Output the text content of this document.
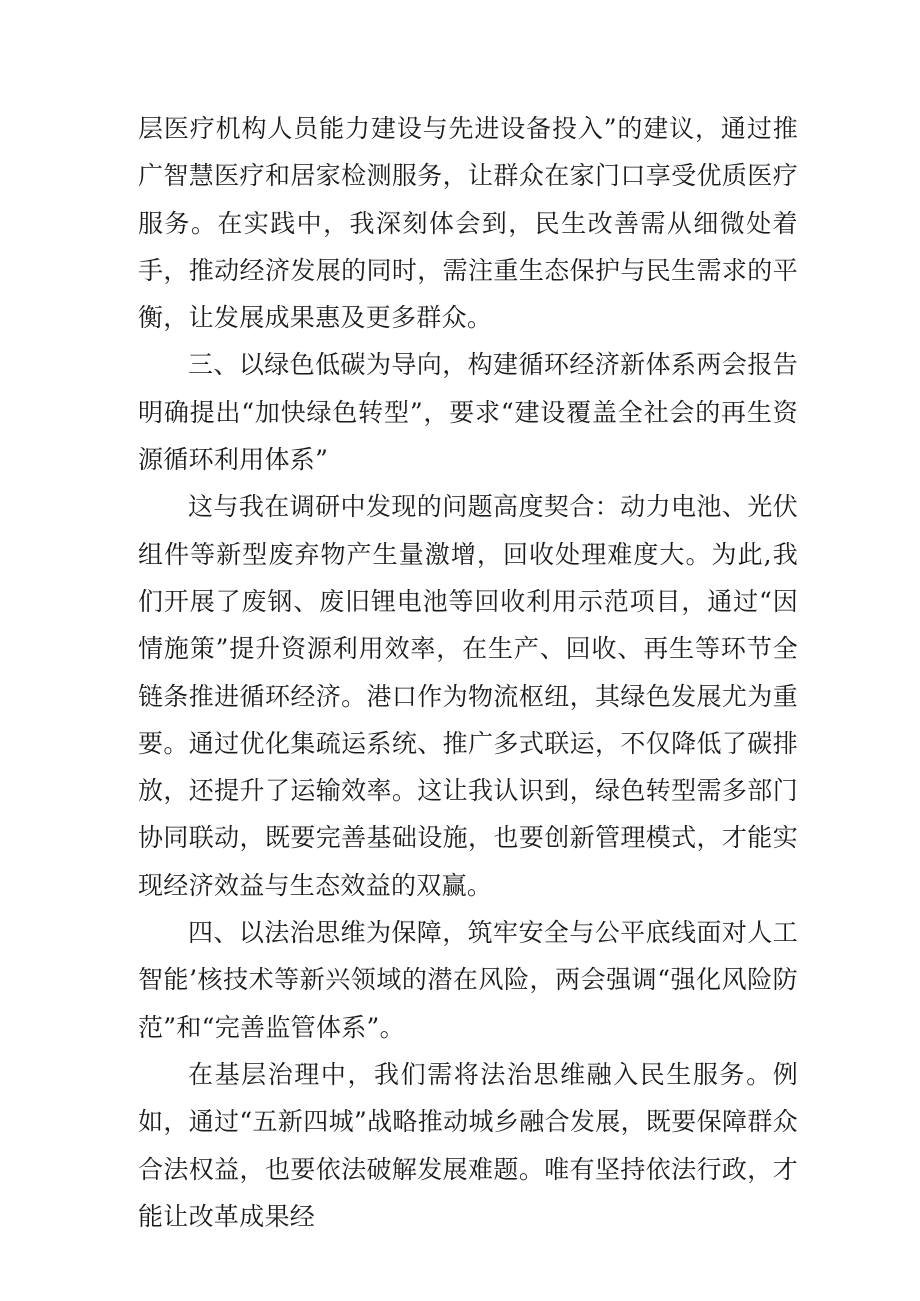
层医疗机构人员能力建设与先进设备投入”的建议，通过推广智慧医疗和居家检测服务，让群众在家门口享受优质医疗服务。在实践中，我深刻体会到，民生改善需从细微处着手，推动经济发展的同时，需注重生态保护与民生需求的平衡，让发展成果惠及更多群众。

三、以绿色低碳为导向，构建循环经济新体系两会报告明确提出“加快绿色转型”，要求“建设覆盖全社会的再生资源循环利用体系”

这与我在调研中发现的问题高度契合：动力电池、光伏组件等新型废弃物产生量激增，回收处理难度大。为此,我们开展了废钢、废旧锂电池等回收利用示范项目，通过“因情施策”提升资源利用效率，在生产、回收、再生等环节全链条推进循环经济。港口作为物流枢纽，其绿色发展尤为重要。通过优化集疏运系统、推广多式联运，不仅降低了碳排放，还提升了运输效率。这让我认识到，绿色转型需多部门协同联动，既要完善基础设施，也要创新管理模式，才能实现经济效益与生态效益的双赢。

四、以法治思维为保障，筑牢安全与公平底线面对人工智能’核技术等新兴领域的潜在风险，两会强调“强化风险防范”和“完善监管体系”。

在基层治理中，我们需将法治思维融入民生服务。例如，通过“五新四城”战略推动城乡融合发展，既要保障群众合法权益，也要依法破解发展难题。唯有坚持依法行政，才能让改革成果经
